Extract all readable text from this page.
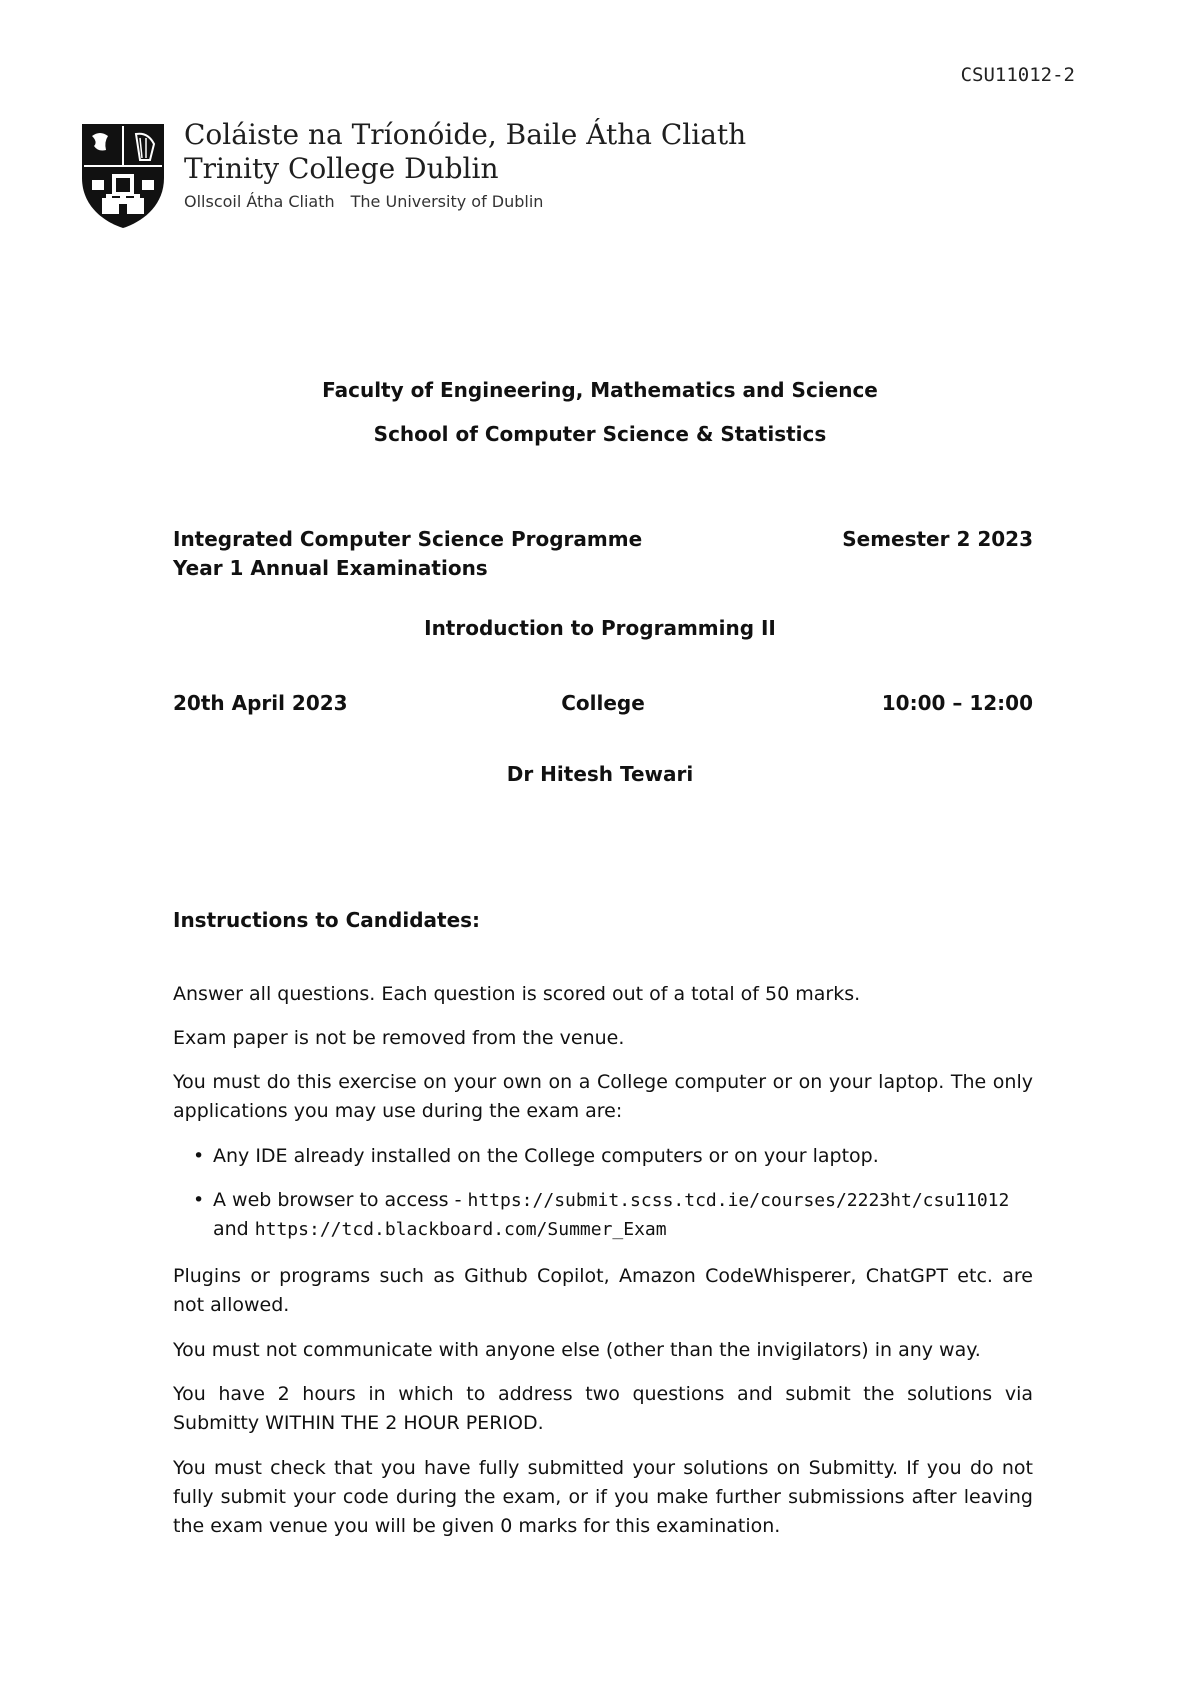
CSU11012-2
Coláiste na Tríonóide, Baile Átha Cliath
Trinity College Dublin
Ollscoil Átha Cliath The University of Dublin
Faculty of Engineering, Mathematics and Science
School of Computer Science & Statistics
Integrated Computer Science Programme	Semester 2 2023
Year 1 Annual Examinations
Introduction to Programming II
20th April 2023	College	10:00 – 12:00
Dr Hitesh Tewari
Instructions to Candidates:
Answer all questions. Each question is scored out of a total of 50 marks.
Exam paper is not be removed from the venue.
You must do this exercise on your own on a College computer or on your laptop. The only applications you may use during the exam are:
• Any IDE already installed on the College computers or on your laptop.
• A web browser to access - https://submit.scss.tcd.ie/courses/2223ht/csu11012 and https://tcd.blackboard.com/Summer_Exam
Plugins or programs such as Github Copilot, Amazon CodeWhisperer, ChatGPT etc. are not allowed.
You must not communicate with anyone else (other than the invigilators) in any way.
You have 2 hours in which to address two questions and submit the solutions via Submitty WITHIN THE 2 HOUR PERIOD.
You must check that you have fully submitted your solutions on Submitty. If you do not fully submit your code during the exam, or if you make further submissions after leaving the exam venue you will be given 0 marks for this examination.
